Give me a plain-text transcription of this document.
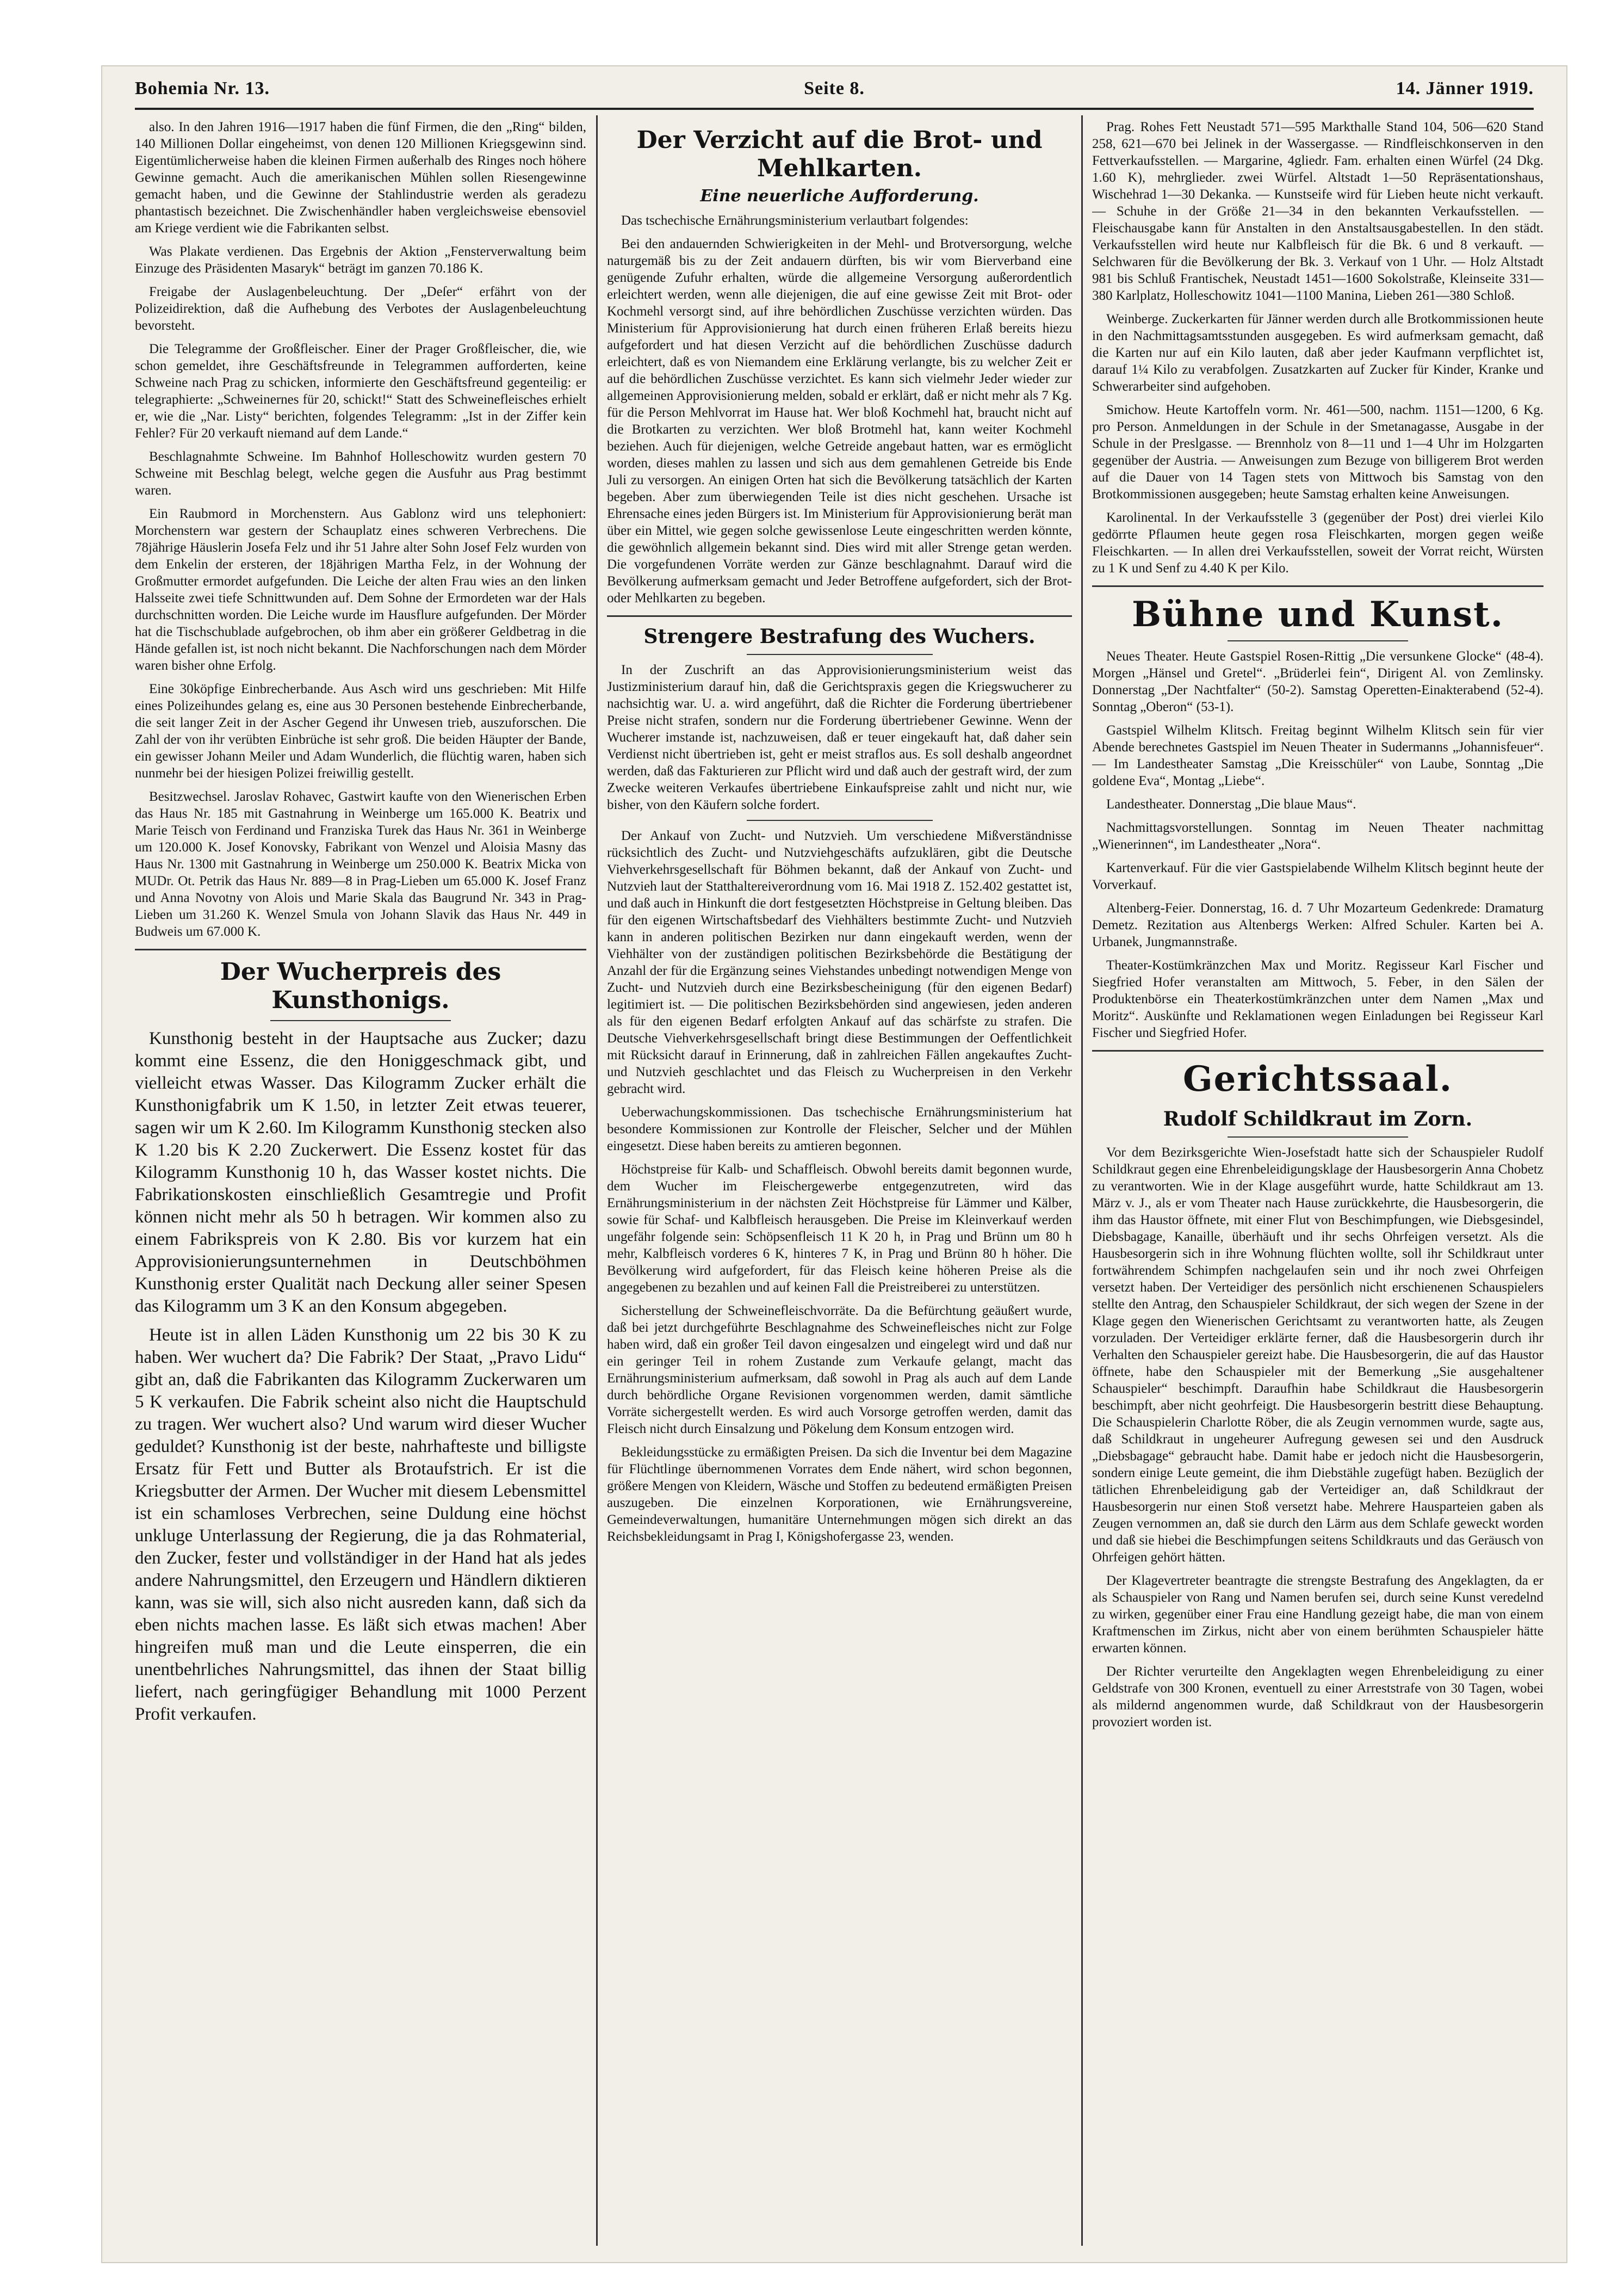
Bohemia Nr. 13.	Seite 8.	14. Jänner 1919.

also. In den Jahren 1916—1917 haben die fünf Firmen, die den „Ring“ bilden, 140 Millionen Dollar eingeheimst, von denen 120 Millionen Kriegsgewinn sind. Eigentümlicherweise haben die kleinen Firmen außerhalb des Ringes noch höhere Gewinne gemacht. Auch die amerikanischen Mühlen sollen Riesengewinne gemacht haben, und die Gewinne der Stahlindustrie werden als geradezu phantastisch bezeichnet. Die Zwischenhändler haben vergleichsweise ebensoviel am Kriege verdient wie die Fabrikanten selbst.

Was Plakate verdienen. Das Ergebnis der Aktion „Fensterverwaltung beim Einzuge des Präsidenten Masaryk“ beträgt im ganzen 70.186 K.

Freigabe der Auslagenbeleuchtung. Der „Deſer“ erfährt von der Polizeidirektion, daß die Aufhebung des Verbotes der Auslagenbeleuchtung bevorsteht.

Die Telegramme der Großfleischer. Einer der Prager Großfleischer, die, wie schon gemeldet, ihre Geschäftsfreunde in Telegrammen aufforderten, keine Schweine nach Prag zu schicken, informierte den Geschäftsfreund gegenteilig: er telegraphierte: „Schweinernes für 20, schickt!“ Statt des Schweinefleisches erhielt er, wie die „Nar. Listy“ berichten, folgendes Telegramm: „Ist in der Ziffer kein Fehler? Für 20 verkauft niemand auf dem Lande.“

Beschlagnahmte Schweine. Im Bahnhof Holleschowitz wurden gestern 70 Schweine mit Beschlag belegt, welche gegen die Ausfuhr aus Prag bestimmt waren.

Ein Raubmord in Morchenstern. Aus Gablonz wird uns telephoniert: Morchenstern war gestern der Schauplatz eines schweren Verbrechens. Die 78jährige Häuslerin Josefa Felz und ihr 51 Jahre alter Sohn Josef Felz wurden von dem Enkelin der ersteren, der 18jährigen Martha Felz, in der Wohnung der Großmutter ermordet aufgefunden. Die Leiche der alten Frau wies an den linken Halsseite zwei tiefe Schnittwunden auf. Dem Sohne der Ermordeten war der Hals durchschnitten worden. Die Leiche wurde im Hausflure aufgefunden. Der Mörder hat die Tischschublade aufgebrochen, ob ihm aber ein größerer Geldbetrag in die Hände gefallen ist, ist noch nicht bekannt. Die Nachforschungen nach dem Mörder waren bisher ohne Erfolg.

Eine 30köpfige Einbrecherbande. Aus Asch wird uns geschrieben: Mit Hilfe eines Polizeihundes gelang es, eine aus 30 Personen bestehende Einbrecherbande, die seit langer Zeit in der Ascher Gegend ihr Unwesen trieb, auszuforschen. Die Zahl der von ihr verübten Einbrüche ist sehr groß. Die beiden Häupter der Bande, ein gewisser Johann Meiler und Adam Wunderlich, die flüchtig waren, haben sich nunmehr bei der hiesigen Polizei freiwillig gestellt.

Besitzwechsel. Jaroslav Rohavec, Gastwirt kaufte von den Wienerischen Erben das Haus Nr. 185 mit Gastnahrung in Weinberge um 165.000 K. Beatrix und Marie Teisch von Ferdinand und Franziska Turek das Haus Nr. 361 in Weinberge um 120.000 K. Josef Konovsky, Fabrikant von Wenzel und Aloisia Masny das Haus Nr. 1300 mit Gastnahrung in Weinberge um 250.000 K. Beatrix Micka von MUDr. Ot. Petrik das Haus Nr. 889—8 in Prag-Lieben um 65.000 K. Josef Franz und Anna Novotny von Alois und Marie Skala das Baugrund Nr. 343 in Prag-Lieben um 31.260 K. Wenzel Smula von Johann Slavik das Haus Nr. 449 in Budweis um 67.000 K.

Der Wucherpreis des Kunsthonigs.

Kunsthonig besteht in der Hauptsache aus Zucker; dazu kommt eine Essenz, die den Honiggeschmack gibt, und vielleicht etwas Wasser. Das Kilogramm Zucker erhält die Kunsthonigfabrik um K 1.50, in letzter Zeit etwas teuerer, sagen wir um K 2.60. Im Kilogramm Kunsthonig stecken also K 1.20 bis K 2.20 Zuckerwert. Die Essenz kostet für das Kilogramm Kunsthonig 10 h, das Wasser kostet nichts. Die Fabrikationskosten einschließlich Gesamtregie und Profit können nicht mehr als 50 h betragen. Wir kommen also zu einem Fabrikspreis von K 2.80. Bis vor kurzem hat ein Approvisionierungsunternehmen in Deutschböhmen Kunsthonig erster Qualität nach Deckung aller seiner Spesen das Kilogramm um 3 K an den Konsum abgegeben.

Heute ist in allen Läden Kunsthonig um 22 bis 30 K zu haben. Wer wuchert da? Die Fabrik? Der Staat, „Pravo Lidu“ gibt an, daß die Fabrikanten das Kilogramm Zuckerwaren um 5 K verkaufen. Die Fabrik scheint also nicht die Hauptschuld zu tragen. Wer wuchert also? Und warum wird dieser Wucher geduldet? Kunsthonig ist der beste, nahrhafteste und billigste Ersatz für Fett und Butter als Brotaufstrich. Er ist die Kriegsbutter der Armen. Der Wucher mit diesem Lebensmittel ist ein schamloses Verbrechen, seine Duldung eine höchst unkluge Unterlassung der Regierung, die ja das Rohmaterial, den Zucker, fester und vollständiger in der Hand hat als jedes andere Nahrungsmittel, den Erzeugern und Händlern diktieren kann, was sie will, sich also nicht ausreden kann, daß sich da eben nichts machen lasse. Es läßt sich etwas machen! Aber hingreifen muß man und die Leute einsperren, die ein unentbehrliches Nahrungsmittel, das ihnen der Staat billig liefert, nach geringfügiger Behandlung mit 1000 Perzent Profit verkaufen.

Der Verzicht auf die Brot- und Mehlkarten.
Eine neuerliche Aufforderung.

Das tschechische Ernährungsministerium verlautbart folgendes:

Bei den andauernden Schwierigkeiten in der Mehl- und Brotversorgung, welche naturgemäß bis zu der Zeit andauern dürften, bis wir vom Bierverband eine genügende Zufuhr erhalten, würde die allgemeine Versorgung außerordentlich erleichtert werden, wenn alle diejenigen, die auf eine gewisse Zeit mit Brot- oder Kochmehl versorgt sind, auf ihre behördlichen Zuschüsse verzichten würden. Das Ministerium für Approvisionierung hat durch einen früheren Erlaß bereits hiezu aufgefordert und hat diesen Verzicht auf die behördlichen Zuschüsse dadurch erleichtert, daß es von Niemandem eine Erklärung verlangte, bis zu welcher Zeit er auf die behördlichen Zuschüsse verzichtet. Es kann sich vielmehr Jeder wieder zur allgemeinen Approvisionierung melden, sobald er erklärt, daß er nicht mehr als 7 Kg. für die Person Mehlvorrat im Hause hat. Wer bloß Kochmehl hat, braucht nicht auf die Brotkarten zu verzichten. Wer bloß Brotmehl hat, kann weiter Kochmehl beziehen. Auch für diejenigen, welche Getreide angebaut hatten, war es ermöglicht worden, dieses mahlen zu lassen und sich aus dem gemahlenen Getreide bis Ende Juli zu versorgen. An einigen Orten hat sich die Bevölkerung tatsächlich der Karten begeben. Aber zum überwiegenden Teile ist dies nicht geschehen. Ursache ist Ehrensache eines jeden Bürgers ist. Im Ministerium für Approvisionierung berät man über ein Mittel, wie gegen solche gewissenlose Leute eingeschritten werden könnte, die gewöhnlich allgemein bekannt sind. Dies wird mit aller Strenge getan werden. Die vorgefundenen Vorräte werden zur Gänze beschlagnahmt. Darauf wird die Bevölkerung aufmerksam gemacht und Jeder Betroffene aufgefordert, sich der Brot- oder Mehlkarten zu begeben.

Strengere Bestrafung des Wuchers.

In der Zuschrift an das Approvisionierungsministerium weist das Justizministerium darauf hin, daß die Gerichtspraxis gegen die Kriegswucherer zu nachsichtig war. U. a. wird angeführt, daß die Richter die Forderung übertriebener Preise nicht strafen, sondern nur die Forderung übertriebener Gewinne. Wenn der Wucherer imstande ist, nachzuweisen, daß er teuer eingekauft hat, daß daher sein Verdienst nicht übertrieben ist, geht er meist straflos aus. Es soll deshalb angeordnet werden, daß das Fakturieren zur Pflicht wird und daß auch der gestraft wird, der zum Zwecke weiteren Verkaufes übertriebene Einkaufspreise zahlt und nicht nur, wie bisher, von den Käufern solche fordert.

Der Ankauf von Zucht- und Nutzvieh. Um verschiedene Mißverständnisse rücksichtlich des Zucht- und Nutzviehgeschäfts aufzuklären, gibt die Deutsche Viehverkehrsgesellschaft für Böhmen bekannt, daß der Ankauf von Zucht- und Nutzvieh laut der Statthaltereiverordnung vom 16. Mai 1918 Z. 152.402 gestattet ist, und daß auch in Hinkunft die dort festgesetzten Höchstpreise in Geltung bleiben. Das für den eigenen Wirtschaftsbedarf des Viehhälters bestimmte Zucht- und Nutzvieh kann in anderen politischen Bezirken nur dann eingekauft werden, wenn der Viehhälter von der zuständigen politischen Bezirksbehörde die Bestätigung der Anzahl der für die Ergänzung seines Viehstandes unbedingt notwendigen Menge von Zucht- und Nutzvieh durch eine Bezirksbescheinigung (für den eigenen Bedarf) legitimiert ist. — Die politischen Bezirksbehörden sind angewiesen, jeden anderen als für den eigenen Bedarf erfolgten Ankauf auf das schärfste zu strafen. Die Deutsche Viehverkehrsgesellschaft bringt diese Bestimmungen der Oeffentlichkeit mit Rücksicht darauf in Erinnerung, daß in zahlreichen Fällen angekauftes Zucht- und Nutzvieh geschlachtet und das Fleisch zu Wucherpreisen in den Verkehr gebracht wird.

Ueberwachungskommissionen. Das tschechische Ernährungsministerium hat besondere Kommissionen zur Kontrolle der Fleischer, Selcher und der Mühlen eingesetzt. Diese haben bereits zu amtieren begonnen.

Höchstpreise für Kalb- und Schaffleisch. Obwohl bereits damit begonnen wurde, dem Wucher im Fleischergewerbe entgegenzutreten, wird das Ernährungsministerium in der nächsten Zeit Höchstpreise für Lämmer und Kälber, sowie für Schaf- und Kalbfleisch herausgeben. Die Preise im Kleinverkauf werden ungefähr folgende sein: Schöpsenfleisch 11 K 20 h, in Prag und Brünn um 80 h mehr, Kalbfleisch vorderes 6 K, hinteres 7 K, in Prag und Brünn 80 h höher. Die Bevölkerung wird aufgefordert, für das Fleisch keine höheren Preise als die angegebenen zu bezahlen und auf keinen Fall die Preistreiberei zu unterstützen.

Sicherstellung der Schweinefleischvorräte. Da die Befürchtung geäußert wurde, daß bei jetzt durchgeführte Beschlagnahme des Schweinefleisches nicht zur Folge haben wird, daß ein großer Teil davon eingesalzen und eingelegt wird und daß nur ein geringer Teil in rohem Zustande zum Verkaufe gelangt, macht das Ernährungsministerium aufmerksam, daß sowohl in Prag als auch auf dem Lande durch behördliche Organe Revisionen vorgenommen werden, damit sämtliche Vorräte sichergestellt werden. Es wird auch Vorsorge getroffen werden, damit das Fleisch nicht durch Einsalzung und Pökelung dem Konsum entzogen wird.

Bekleidungsstücke zu ermäßigten Preisen. Da sich die Inventur bei dem Magazine für Flüchtlinge übernommenen Vorrates dem Ende nähert, wird schon begonnen, größere Mengen von Kleidern, Wäsche und Stoffen zu bedeutend ermäßigten Preisen auszugeben. Die einzelnen Korporationen, wie Ernährungsvereine, Gemeindeverwaltungen, humanitäre Unternehmungen mögen sich direkt an das Reichsbekleidungsamt in Prag I, Königshofergasse 23, wenden.

Prag. Rohes Fett Neustadt 571—595 Markthalle Stand 104, 506—620 Stand 258, 621—670 bei Jelinek in der Wassergasse. — Rindfleischkonserven in den Fettverkaufsstellen. — Margarine, 4gliedr. Fam. erhalten einen Würfel (24 Dkg. 1.60 K), mehrglieder. zwei Würfel. Altstadt 1—50 Repräsentationshaus, Wischehrad 1—30 Dekanka. — Kunstseife wird für Lieben heute nicht verkauft. — Schuhe in der Größe 21—34 in den bekannten Verkaufsstellen. — Fleischausgabe kann für Anstalten in den Anstaltsausgabestellen. In den städt. Verkaufsstellen wird heute nur Kalbfleisch für die Bk. 6 und 8 verkauft. — Selchwaren für die Bevölkerung der Bk. 3. Verkauf von 1 Uhr. — Holz Altstadt 981 bis Schluß Frantischek, Neustadt 1451—1600 Sokolstraße, Kleinseite 331—380 Karlplatz, Holleschowitz 1041—1100 Manina, Lieben 261—380 Schloß.

Weinberge. Zuckerkarten für Jänner werden durch alle Brotkommissionen heute in den Nachmittagsamtsstunden ausgegeben. Es wird aufmerksam gemacht, daß die Karten nur auf ein Kilo lauten, daß aber jeder Kaufmann verpflichtet ist, darauf 1¼ Kilo zu verabfolgen. Zusatzkarten auf Zucker für Kinder, Kranke und Schwerarbeiter sind aufgehoben.

Smichow. Heute Kartoffeln vorm. Nr. 461—500, nachm. 1151—1200, 6 Kg. pro Person. Anmeldungen in der Schule in der Smetanagasse, Ausgabe in der Schule in der Preslgasse. — Brennholz von 8—11 und 1—4 Uhr im Holzgarten gegenüber der Austria. — Anweisungen zum Bezuge von billigerem Brot werden auf die Dauer von 14 Tagen stets von Mittwoch bis Samstag von den Brotkommissionen ausgegeben; heute Samstag erhalten keine Anweisungen.

Karolinental. In der Verkaufsstelle 3 (gegenüber der Post) drei vierlei Kilo gedörrte Pflaumen heute gegen rosa Fleischkarten, morgen gegen weiße Fleischkarten. — In allen drei Verkaufsstellen, soweit der Vorrat reicht, Würsten zu 1 K und Senf zu 4.40 K per Kilo.

Bühne und Kunst.

Neues Theater. Heute Gastspiel Rosen-Rittig „Die versunkene Glocke“ (48-4). Morgen „Hänsel und Gretel“. „Brüderlei fein“, Dirigent Al. von Zemlinsky. Donnerstag „Der Nachtfalter“ (50-2). Samstag Operetten-Einakterabend (52-4). Sonntag „Oberon“ (53-1).

Gastspiel Wilhelm Klitsch. Freitag beginnt Wilhelm Klitsch sein für vier Abende berechnetes Gastspiel im Neuen Theater in Sudermanns „Johannisfeuer“. — Im Landestheater Samstag „Die Kreisschüler“ von Laube, Sonntag „Die goldene Eva“, Montag „Liebe“.

Landestheater. Donnerstag „Die blaue Maus“.

Nachmittagsvorstellungen. Sonntag im Neuen Theater nachmittag „Wienerinnen“, im Landestheater „Nora“.

Kartenverkauf. Für die vier Gastspielabende Wilhelm Klitsch beginnt heute der Vorverkauf.

Altenberg-Feier. Donnerstag, 16. d. 7 Uhr Mozarteum Gedenkrede: Dramaturg Demetz. Rezitation aus Altenbergs Werken: Alfred Schuler. Karten bei A. Urbanek, Jungmannstraße.

Theater-Kostümkränzchen Max und Moritz. Regisseur Karl Fischer und Siegfried Hofer veranstalten am Mittwoch, 5. Feber, in den Sälen der Produktenbörse ein Theaterkostümkränzchen unter dem Namen „Max und Moritz“. Auskünfte und Reklamationen wegen Einladungen bei Regisseur Karl Fischer und Siegfried Hofer.

Gerichtssaal.
Rudolf Schildkraut im Zorn.

Vor dem Bezirksgerichte Wien-Josefstadt hatte sich der Schauspieler Rudolf Schildkraut gegen eine Ehrenbeleidigungsklage der Hausbesorgerin Anna Chobetz zu verantworten. Wie in der Klage ausgeführt wurde, hatte Schildkraut am 13. März v. J., als er vom Theater nach Hause zurückkehrte, die Hausbesorgerin, die ihm das Haustor öffnete, mit einer Flut von Beschimpfungen, wie Diebsgesindel, Diebsbagage, Kanaille, überhäuft und ihr sechs Ohrfeigen versetzt. Als die Hausbesorgerin sich in ihre Wohnung flüchten wollte, soll ihr Schildkraut unter fortwährendem Schimpfen nachgelaufen sein und ihr noch zwei Ohrfeigen versetzt haben. Der Verteidiger des persönlich nicht erschienenen Schauspielers stellte den Antrag, den Schauspieler Schildkraut, der sich wegen der Szene in der Klage gegen den Wienerischen Gerichtsamt zu verantworten hatte, als Zeugen vorzuladen. Der Verteidiger erklärte ferner, daß die Hausbesorgerin durch ihr Verhalten den Schauspieler gereizt habe. Die Hausbesorgerin, die auf das Haustor öffnete, habe den Schauspieler mit der Bemerkung „Sie ausgehaltener Schauspieler“ beschimpft. Daraufhin habe Schildkraut die Hausbesorgerin beschimpft, aber nicht geohrfeigt. Die Hausbesorgerin bestritt diese Behauptung. Die Schauspielerin Charlotte Röber, die als Zeugin vernommen wurde, sagte aus, daß Schildkraut in ungeheurer Aufregung gewesen sei und den Ausdruck „Diebsbagage“ gebraucht habe. Damit habe er jedoch nicht die Hausbesorgerin, sondern einige Leute gemeint, die ihm Diebstähle zugefügt haben. Bezüglich der tätlichen Ehrenbeleidigung gab der Verteidiger an, daß Schildkraut der Hausbesorgerin nur einen Stoß versetzt habe. Mehrere Hausparteien gaben als Zeugen vernommen an, daß sie durch den Lärm aus dem Schlafe geweckt worden und daß sie hiebei die Beschimpfungen seitens Schildkrauts und das Geräusch von Ohrfeigen gehört hätten.

Der Klagevertreter beantragte die strengste Bestrafung des Angeklagten, da er als Schauspieler von Rang und Namen berufen sei, durch seine Kunst veredelnd zu wirken, gegenüber einer Frau eine Handlung gezeigt habe, die man von einem Kraftmenschen im Zirkus, nicht aber von einem berühmten Schauspieler hätte erwarten können.

Der Richter verurteilte den Angeklagten wegen Ehrenbeleidigung zu einer Geldstrafe von 300 Kronen, eventuell zu einer Arreststrafe von 30 Tagen, wobei als mildernd angenommen wurde, daß Schildkraut von der Hausbesorgerin provoziert worden ist.
